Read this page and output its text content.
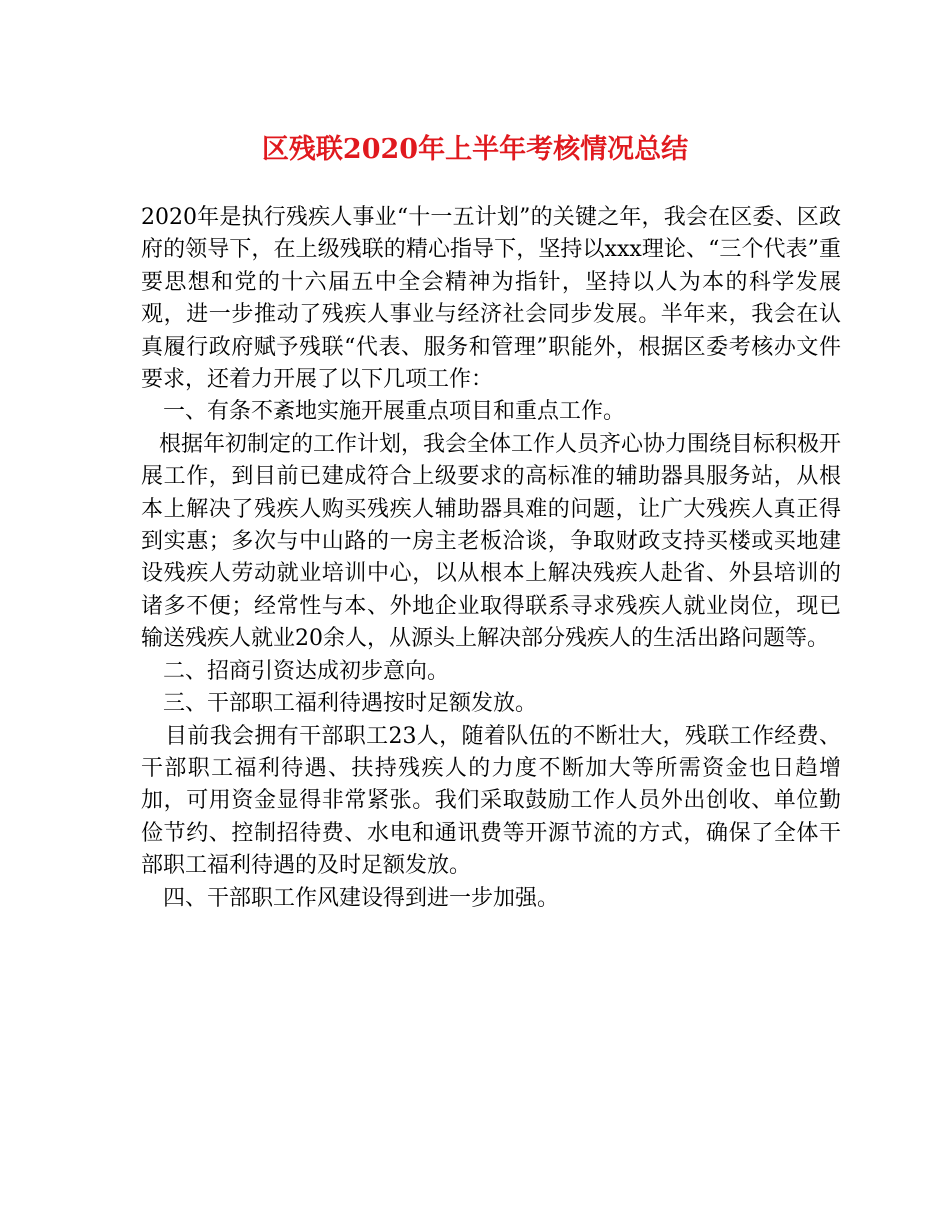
区残联2020年上半年考核情况总结

2020年是执行残疾人事业“十一五计划”的关键之年，我会在区委、区政府的领导下，在上级残联的精心指导下，坚持以xxx理论、“三个代表”重要思想和党的十六届五中全会精神为指针，坚持以人为本的科学发展观，进一步推动了残疾人事业与经济社会同步发展。半年来，我会在认真履行政府赋予残联“代表、服务和管理”职能外，根据区委考核办文件要求，还着力开展了以下几项工作：

一、有条不紊地实施开展重点项目和重点工作。

根据年初制定的工作计划，我会全体工作人员齐心协力围绕目标积极开展工作，到目前已建成符合上级要求的高标准的辅助器具服务站，从根本上解决了残疾人购买残疾人辅助器具难的问题，让广大残疾人真正得到实惠；多次与中山路的一房主老板洽谈，争取财政支持买楼或买地建设残疾人劳动就业培训中心，以从根本上解决残疾人赴省、外县培训的诸多不便；经常性与本、外地企业取得联系寻求残疾人就业岗位，现已输送残疾人就业20余人，从源头上解决部分残疾人的生活出路问题等。

二、招商引资达成初步意向。

三、干部职工福利待遇按时足额发放。

目前我会拥有干部职工23人，随着队伍的不断壮大，残联工作经费、干部职工福利待遇、扶持残疾人的力度不断加大等所需资金也日趋增加，可用资金显得非常紧张。我们采取鼓励工作人员外出创收、单位勤俭节约、控制招待费、水电和通讯费等开源节流的方式，确保了全体干部职工福利待遇的及时足额发放。

四、干部职工作风建设得到进一步加强。
